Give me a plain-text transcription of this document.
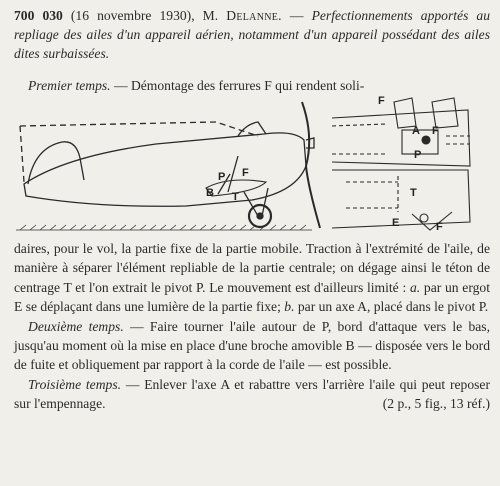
700 030 (16 novembre 1930), M. Delanne. — Perfectionnements apportés au repliage des ailes d'un appareil aérien, notamment d'un appareil possédant des ailes dites surbaissées.
Premier temps. — Démontage des ferrures F qui rendent soli-
B
P
T
F
F
A F
P
T
E	F

daires, pour le vol, la partie fixe de la partie mobile. Traction à l'extrémité de l'aile, de manière à séparer l'élément repliable de la partie centrale; on dégage ainsi le téton de centrage T et l'on extrait le pivot P. Le mouvement est d'ailleurs limité : a. par un ergot E se déplaçant dans une lumière de la partie fixe; b. par un axe A, placé dans le pivot P.

Deuxième temps. — Faire tourner l'aile autour de P, bord d'attaque vers le bas, jusqu'au moment où la mise en place d'une broche amovible B — disposée vers le bord de fuite et obliquement par rapport à la corde de l'aile — est possible.

Troisième temps. — Enlever l'axe A et rabattre vers l'arrière l'aile qui peut reposer sur l'empennage.	(2 p., 5 fig., 13 réf.)
